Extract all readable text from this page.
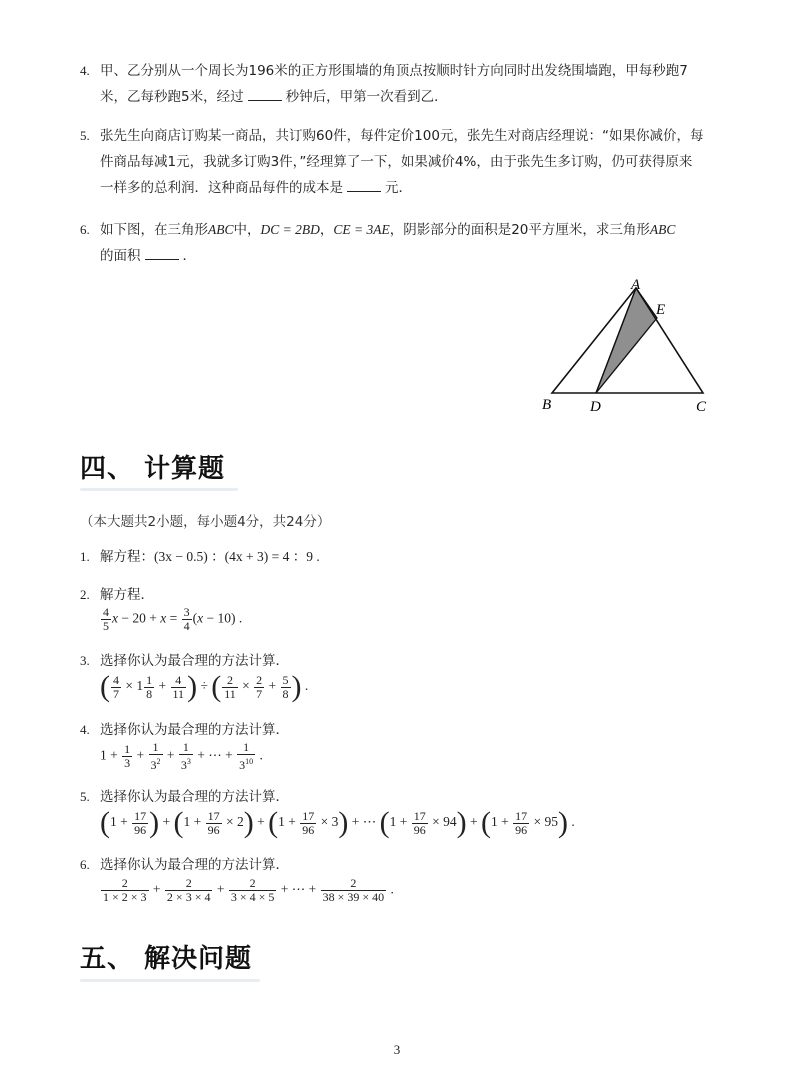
4. 甲、乙分别从一个周长为196米的正方形围墙的角顶点按顺时针方向同时出发绕围墙跑，甲每秒跑7
米，乙每秒跑5米，经过	秒钟后，甲第一次看到乙．
5. 张先生向商店订购某一商品，共订购60件，每件定价100元，张先生对商店经理说：“如果你减价，每
件商品每减1元，我就多订购3件，”经理算了一下，如果减价4%，由于张先生多订购，仍可获得原来
一样多的总利润．这种商品每件的成本是	元．
6. 如下图，在三角形ABC中，DC = 2BD，CE = 3AE，阴影部分的面积是20平方厘米，求三角形ABC
的面积	．
A
E
B	D	C
四、 计算题
（本大题共2小题，每小题4分，共24分）
1. 解方程：(3x − 0.5) ：(4x + 3) = 4 ：9 .
2. 解方程．
$\frac{4}{5}$ $x - 20 + x = \frac{3}{4} (x - 10)$ .
3. 选择你认为最合理的方法计算．
( $\frac{4}{7} \times 1 \frac{1}{8} + \frac{4}{11}$ ) ÷ ( $\frac{2}{11} \times \frac{2}{7} + \frac{5}{8}$ ) .
4. 选择你认为最合理的方法计算．
$1 + \frac{1}{3} + \frac{1}{3^2} + \frac{1}{3^3}$ + ⋯ + $\frac{1}{3^{10}}$ .
5. 选择你认为最合理的方法计算．
($1 + \frac{17}{96}$ ) + $(1 + \frac{17}{96} \times 2) + (1 + \frac{17}{96} \times 3)$ + ⋯ $(1 + \frac{17}{96} \times 94) + (1 + \frac{17}{96} \times 95)$ .
6. 选择你认为最合理的方法计算．
$\frac{2}{1 \times 2 \times 3} + \frac{2}{2 \times 3 \times 4} + \frac{2}{3 \times 4 \times 5}$ + ⋯ + $\frac{2}{38 \times 39 \times 40}$ .
五、 解决问题
3
